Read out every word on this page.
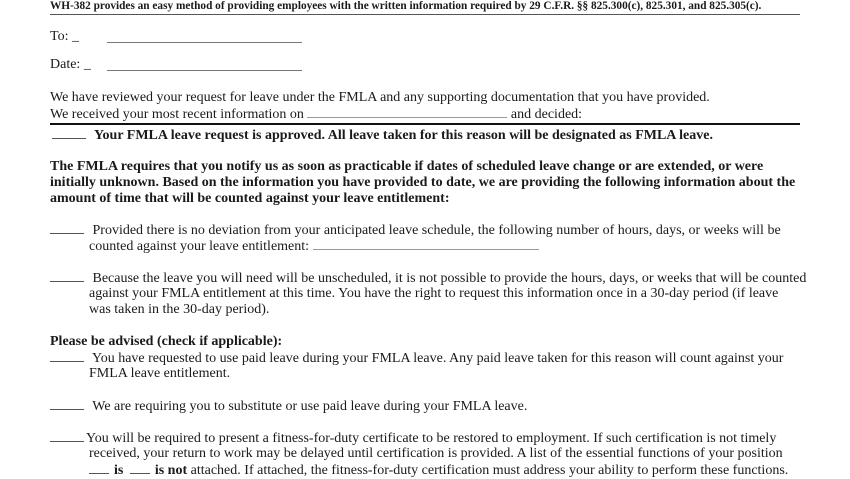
WH-382 provides an easy method of providing employees with the written information required by 29 C.F.R. §§ 825.300(c), 825.301, and 825.305(c).
To: _
Date: _
We have reviewed your request for leave under the FMLA and any supporting documentation that you have provided.
We received your most recent information on	and decided:
Your FMLA leave request is approved. All leave taken for this reason will be designated as FMLA leave.
The FMLA requires that you notify us as soon as practicable if dates of scheduled leave change or are extended, or were
initially unknown. Based on the information you have provided to date, we are providing the following information about the
amount of time that will be counted against your leave entitlement:
Provided there is no deviation from your anticipated leave schedule, the following number of hours, days, or weeks will be
counted against your leave entitlement:
Because the leave you will need will be unscheduled, it is not possible to provide the hours, days, or weeks that will be counted
against your FMLA entitlement at this time. You have the right to request this information once in a 30-day period (if leave
was taken in the 30-day period).
Please be advised (check if applicable):
You have requested to use paid leave during your FMLA leave. Any paid leave taken for this reason will count against your
FMLA leave entitlement.
We are requiring you to substitute or use paid leave during your FMLA leave.
You will be required to present a fitness-for-duty certificate to be restored to employment. If such certification is not timely
received, your return to work may be delayed until certification is provided. A list of the essential functions of your position
is is not attached. If attached, the fitness-for-duty certification must address your ability to perform these functions.
